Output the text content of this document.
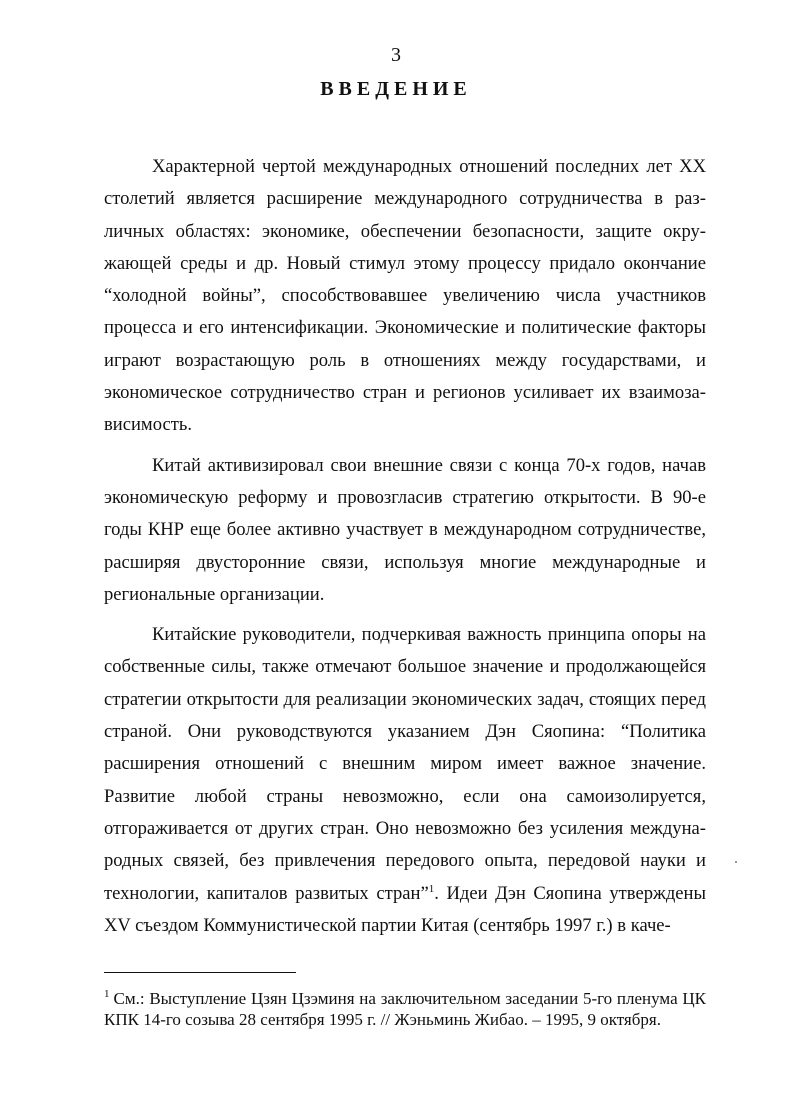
3
ВВЕДЕНИЕ

Характерной чертой международных отношений последних лет XX столетий является расширение международного сотрудничества в различных областях: экономике, обеспечении безопасности, защите окружающей среды и др. Новый стимул этому процессу придало окончание “холодной войны”, способствовавшее увеличению числа участников процесса и его интенсификации. Экономические и политические факторы играют возрастающую роль в отношениях между государствами, и экономическое сотрудничество стран и регионов усиливает их взаимозависимость.

Китай активизировал свои внешние связи с конца 70-х годов, начав экономическую реформу и провозгласив стратегию открытости. В 90-е годы КНР еще более активно участвует в международном сотрудничестве, расширяя двусторонние связи, используя многие международные и региональные организации.

Китайские руководители, подчеркивая важность принципа опоры на собственные силы, также отмечают большое значение и продолжающейся стратегии открытости для реализации экономических задач, стоящих перед страной. Они руководствуются указанием Дэн Сяопина: “Политика расширения отношений с внешним миром имеет важное значение. Развитие любой страны невозможно, если она самоизолируется, отгораживается от других стран. Оно невозможно без усиления международных связей, без привлечения передового опыта, передовой науки и технологии, капиталов развитых стран”$^1$. Идеи Дэн Сяопина утверждены XV съездом Коммунистической партии Китая (сентябрь 1997 г.) в каче-

$^1$ См.: Выступление Цзян Цзэминя на заключительном заседании 5-го пленума ЦК КПК 14-го созыва 28 сентября 1995 г. // Жэньминь Жибао. – 1995, 9 октября.
